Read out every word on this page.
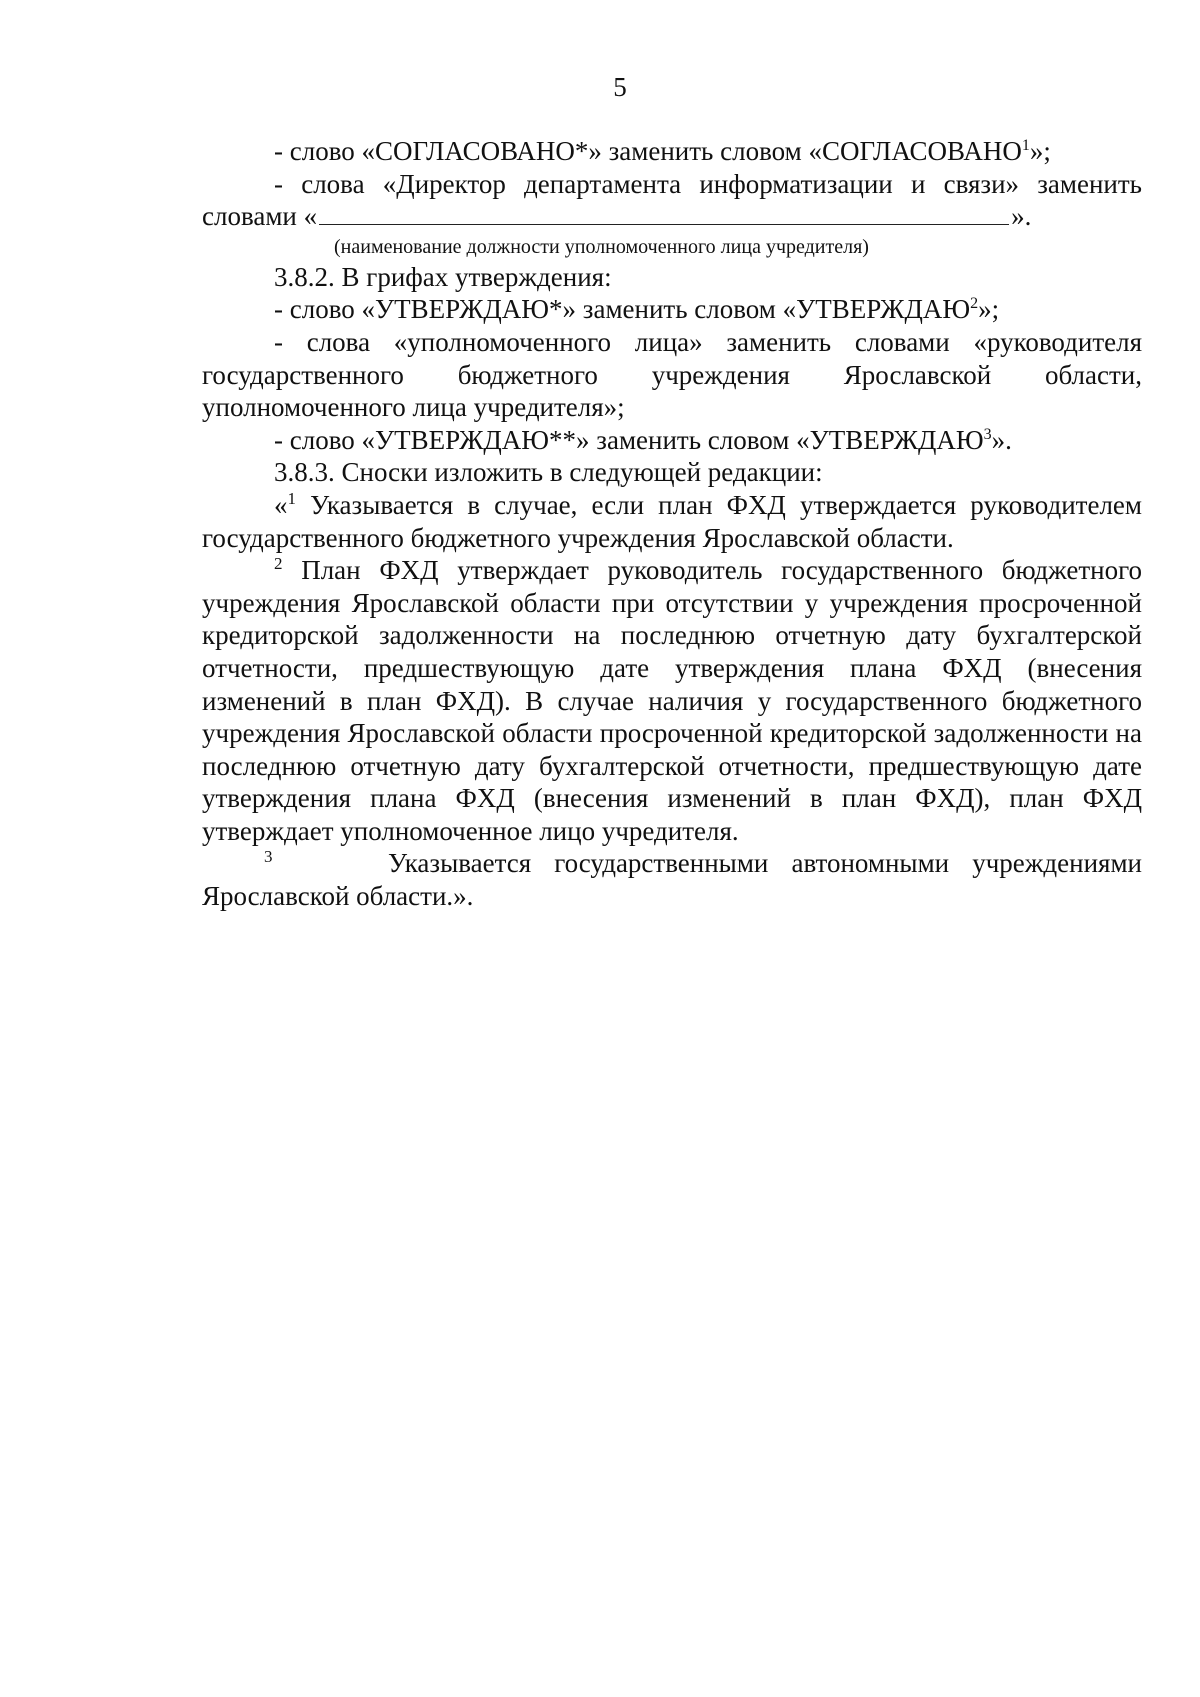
5

- слово «СОГЛАСОВАНО*» заменить словом «СОГЛАСОВАНО$^1$»;

- слова «Директор департамента информатизации и связи» заменить словами «	».

(наименование должности уполномоченного лица учредителя)

3.8.2. В грифах утверждения:

- слово «УТВЕРЖДАЮ*» заменить словом «УТВЕРЖДАЮ$^2$»;

- слова «уполномоченного лица» заменить словами «руководителя государственного бюджетного учреждения Ярославской области, уполномоченного лица учредителя»;

- слово «УТВЕРЖДАЮ**» заменить словом «УТВЕРЖДАЮ$^3$».

3.8.3. Сноски изложить в следующей редакции:

«$^1$ Указывается в случае, если план ФХД утверждается руководителем государственного бюджетного учреждения Ярославской области.

$^2$ План ФХД утверждает руководитель государственного бюджетного учреждения Ярославской области при отсутствии у учреждения просроченной кредиторской задолженности на последнюю отчетную дату бухгалтерской отчетности, предшествующую дате утверждения плана ФХД (внесения изменений в план ФХД). В случае наличия у государственного бюджетного учреждения Ярославской области просроченной кредиторской задолженности на последнюю отчетную дату бухгалтерской отчетности, предшествующую дате утверждения плана ФХД (внесения изменений в план ФХД), план ФХД утверждает уполномоченное лицо учредителя.

$^3$     Указывается государственными автономными учреждениями Ярославской области.».
